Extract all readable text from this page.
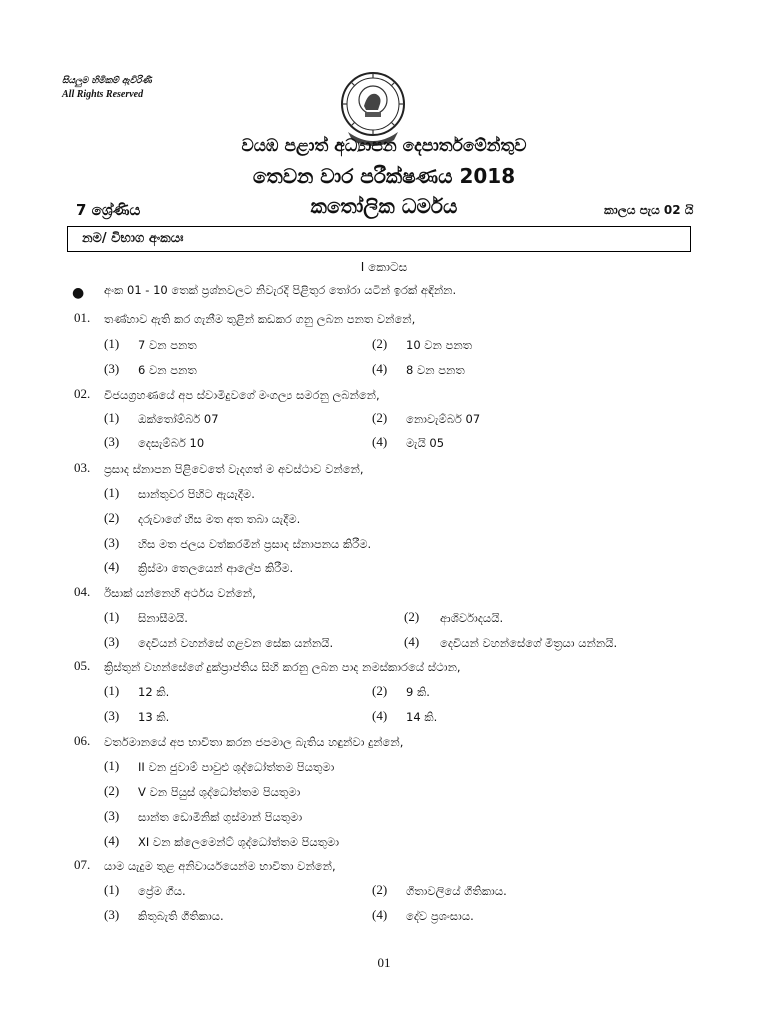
සියලුම හිමිකම් ඇවිරිණි
All Rights Reserved
වයඹ පළාත් අධ්‍යාපන දෙපාර්තමේන්තුව
තෙවන වාර පරීක්ෂණය 2018
7 ශ්‍රේණිය	කතෝලික ධර්මය	කාලය පැය 02 යි
නම/ විභාග අංකයඃ
I කොටස
● අංක 01 - 10 තෙක් ප්‍රශ්නවලට නිවැරදි පිළිතුර තෝරා යටින් ඉරක් අඳින්න.
01. තණ්හාව ඇති කර ගැනීම තුළින් කඩකර ගනු ලබන පනත වන්නේ,
(1) 7 වන පනත	(2) 10 වන පනත
(3) 6 වන පනත	(4) 8 වන පනත
02. විජයග්‍රහණයේ අප ස්වාමිදුවගේ මංගල්‍ය සමරනු ලබන්නේ,
(1) ඔක්තෝම්බර් 07	(2) නොවැම්බර් 07
(3) දෙසැම්බර් 10	(4) මැයි 05
03. ප්‍රසාද ස්නාපන පිළිවෙතේ වැදගත් ම අවස්ථාව වන්නේ,
(1) සාන්තුවර පිහිට ඇයැදීම.
(2) දරුවාගේ හිස මත අත තබා යැදීම.
(3) හිස මත ජලය වත්කරමින් ප්‍රසාද ස්නාපනය කිරීම.
(4) ක්‍රිස්මා තෙලයෙන් ආලේප කිරීම.
04. ඊසාක් යන්නෙහි අර්ථය වන්නේ,
(1) සිනාසීමයි.	(2) ආශිර්වාදයයි.
(3) දෙවියන් වහන්සේ ගළවන සේක යන්නයි.	(4) දෙවියන් වහන්සේගේ මිත්‍රයා යන්නයි.
05. ක්‍රිස්තුන් වහන්සේගේ දුක්ප්‍රාප්තිය සිහි කරනු ලබන පාද නමස්කාරයේ ස්ථාන,
(1) 12 කි.	(2) 9 කි.
(3) 13 කි.	(4) 14 කි.
06. වර්තමානයේ අප භාවිතා කරන ජපමාල බැතිය හඳුන්වා දුන්නේ,
(1) II වන ජුවාම් පාවුළු ශුද්ධෝත්තම පියතුමා
(2) V වන පියුස් ශුද්ධෝත්තම පියතුමා
(3) සාන්ත ඩොමිනික් ගුස්මාන් පියතුමා
(4) XI වන ක්ලෙමෙන්ට් ශුද්ධෝත්තම පියතුමා
07. යාම යැදුම තුළ අනිවාර්යයෙන්ම භාවිතා වන්නේ,
(1) ප්‍රේම ගීය.	(2) ගීතාවලියේ ගීතිකාය.
(3) කිතුබැති ගීතිකාය.	(4) දේව ප්‍රශංසාය.
01
